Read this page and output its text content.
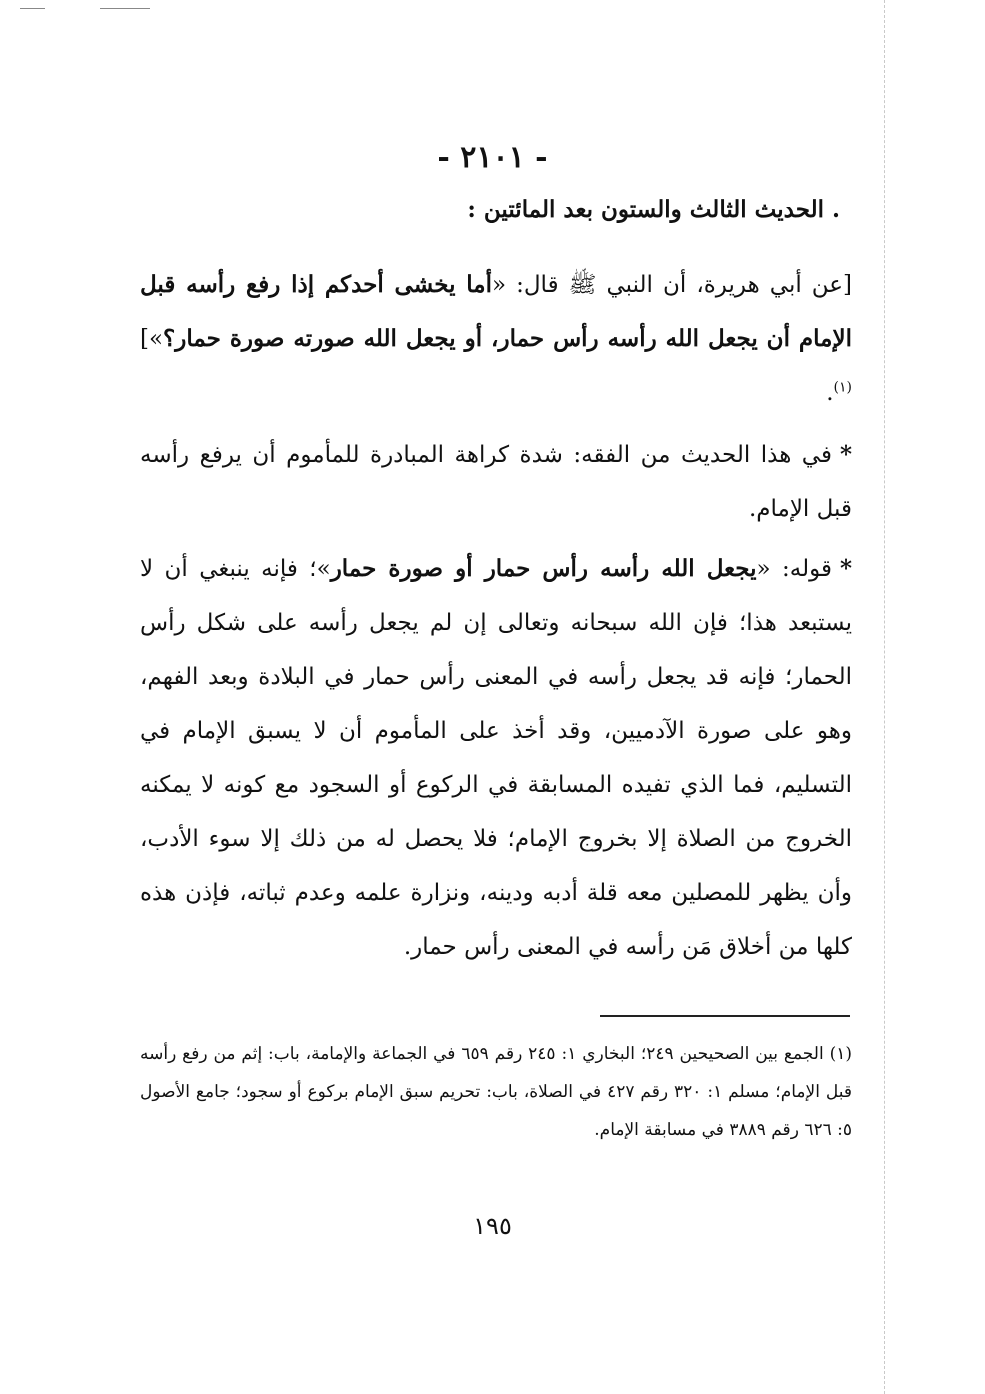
- ٢١٠١ -
. الحديث الثالث والستون بعد المائتين :
[عن أبي هريرة، أن النبي ﷺ قال: «أما يخشى أحدكم إذا رفع رأسه قبل الإمام أن يجعل الله رأسه رأس حمار، أو يجعل الله صورته صورة حمار؟»]$^{(١)}$.
*في هذا الحديث من الفقه: شدة كراهة المبادرة للمأموم أن يرفع رأسه قبل الإمام.
*قوله: «يجعل الله رأسه رأس حمار أو صورة حمار»؛ فإنه ينبغي أن لا يستبعد هذا؛ فإن الله سبحانه وتعالى إن لم يجعل رأسه على شكل رأس الحمار؛ فإنه قد يجعل رأسه في المعنى رأس حمار في البلادة وبعد الفهم، وهو على صورة الآدميين، وقد أخذ على المأموم أن لا يسبق الإمام في التسليم، فما الذي تفيده المسابقة في الركوع أو السجود مع كونه لا يمكنه الخروج من الصلاة إلا بخروج الإمام؛ فلا يحصل له من ذلك إلا سوء الأدب، وأن يظهر للمصلين معه قلة أدبه ودينه، ونزارة علمه وعدم ثباته، فإذن هذه كلها من أخلاق مَن رأسه في المعنى رأس حمار.
(١) الجمع بين الصحيحين ٢٤٩؛ البخاري ١: ٢٤٥ رقم ٦٥٩ في الجماعة والإمامة، باب: إثم من رفع رأسه قبل الإمام؛ مسلم ١: ٣٢٠ رقم ٤٢٧ في الصلاة، باب: تحريم سبق الإمام بركوع أو سجود؛ جامع الأصول ٥: ٦٢٦ رقم ٣٨٨٩ في مسابقة الإمام.
١٩٥
